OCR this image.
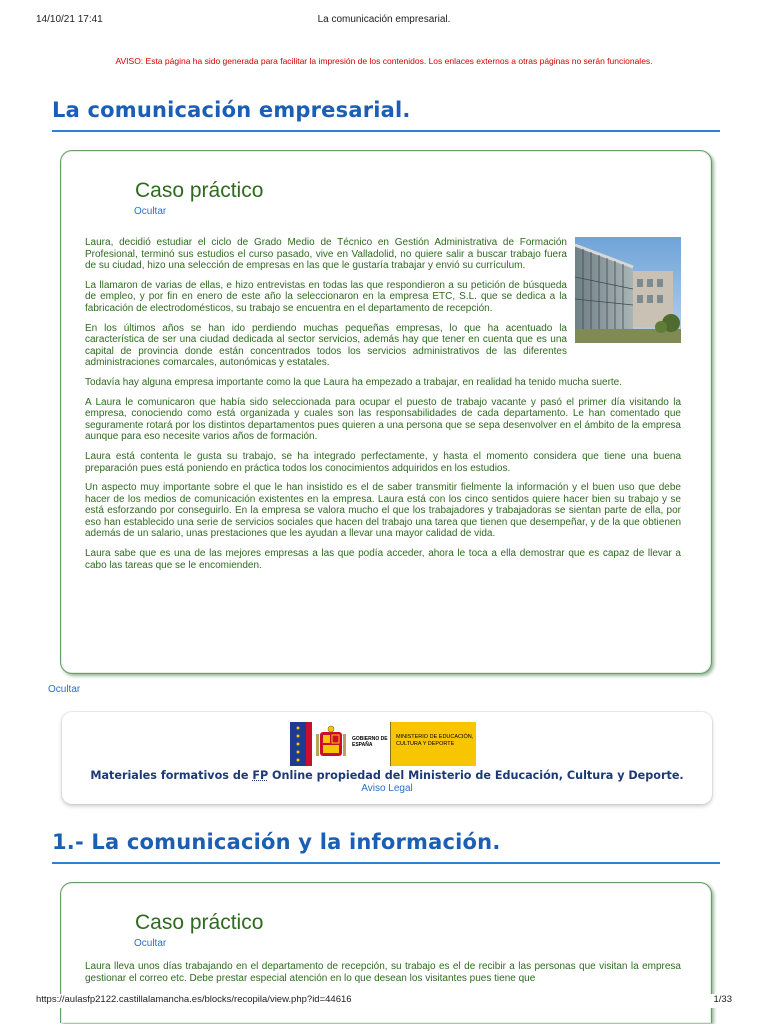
14/10/21 17:41	La comunicación empresarial.
AVISO: Esta página ha sido generada para facilitar la impresión de los contenidos. Los enlaces externos a otras páginas no serán funcionales.
La comunicación empresarial.
Caso práctico
Ocultar

Laura, decidió estudiar el ciclo de Grado Medio de Técnico en Gestión Administrativa de Formación Profesional, terminó sus estudios el curso pasado, vive en Valladolid, no quiere salir a buscar trabajo fuera de su ciudad, hizo una selección de empresas en las que le gustaría trabajar y envió su currículum.

La llamaron de varias de ellas, e hizo entrevistas en todas las que respondieron a su petición de búsqueda de empleo, y por fin en enero de este año la seleccionaron en la empresa ETC, S.L. que se dedica a la fabricación de electrodomésticos, su trabajo se encuentra en el departamento de recepción.

En los últimos años se han ido perdiendo muchas pequeñas empresas, lo que ha acentuado la característica de ser una ciudad dedicada al sector servicios, además hay que tener en cuenta que es una capital de provincia donde están concentrados todos los servicios administrativos de las diferentes administraciones comarcales, autonómicas y estatales.

Todavía hay alguna empresa importante como la que Laura ha empezado a trabajar, en realidad ha tenido mucha suerte.

A Laura le comunicaron que había sido seleccionada para ocupar el puesto de trabajo vacante y pasó el primer día visitando la empresa, conociendo como está organizada y cuales son las responsabilidades de cada departamento. Le han comentado que seguramente rotará por los distintos departamentos pues quieren a una persona que se sepa desenvolver en el ámbito de la empresa aunque para eso necesite varios años de formación.

Laura está contenta le gusta su trabajo, se ha integrado perfectamente, y hasta el momento considera que tiene una buena preparación pues está poniendo en práctica todos los conocimientos adquiridos en los estudios.

Un aspecto muy importante sobre el que le han insistido es el de saber transmitir fielmente la información y el buen uso que debe hacer de los medios de comunicación existentes en la empresa. Laura está con los cinco sentidos quiere hacer bien su trabajo y se está esforzando por conseguirlo. En la empresa se valora mucho el que los trabajadores y trabajadoras se sientan parte de ella, por eso han establecido una serie de servicios sociales que hacen del trabajo una tarea que tienen que desempeñar, y de la que obtienen además de un salario, unas prestaciones que les ayudan a llevar una mayor calidad de vida.

Laura sabe que es una de las mejores empresas a las que podía acceder, ahora le toca a ella demostrar que es capaz de llevar a cabo las tareas que se le encomienden.

Ocultar
GOBIERNO DE ESPAÑA
MINISTERIO DE EDUCACIÓN, CULTURA Y DEPORTE
Materiales formativos de FP Online propiedad del Ministerio de Educación, Cultura y Deporte.
Aviso Legal
1.- La comunicación y la información.
Caso práctico
Ocultar

Laura lleva unos días trabajando en el departamento de recepción, su trabajo es el de recibir a las personas que visitan la empresa gestionar el correo etc. Debe prestar especial atención en lo que desean los visitantes pues tiene que

https://aulasfp2122.castillalamancha.es/blocks/recopila/view.php?id=44616	1/33
